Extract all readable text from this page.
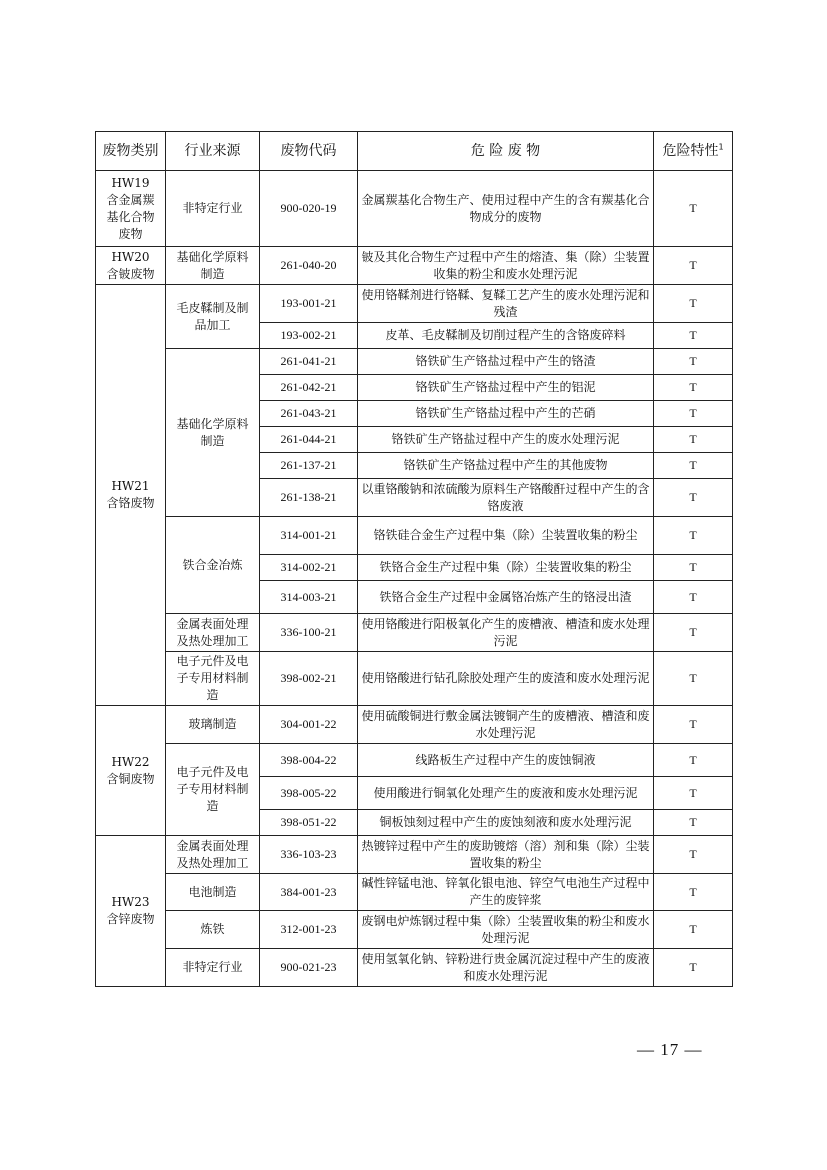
废物类别	行业来源	废物代码	危 险 废 物	危险特性$^1$
HW19
含金属羰
基化合物
废物	非特定行业	900-020-19	金属羰基化合物生产、使用过程中产生的含有羰基化合物成分的废物	T
HW20
含铍废物	基础化学原料
制造	261-040-20	铍及其化合物生产过程中产生的熔渣、集（除）尘装置收集的粉尘和废水处理污泥	T
HW21
含铬废物	毛皮鞣制及制
品加工	193-001-21	使用铬鞣剂进行铬鞣、复鞣工艺产生的废水处理污泥和残渣	T
		193-002-21	皮革、毛皮鞣制及切削过程产生的含铬废碎料	T
	基础化学原料
制造	261-041-21	铬铁矿生产铬盐过程中产生的铬渣	T
		261-042-21	铬铁矿生产铬盐过程中产生的铝泥	T
		261-043-21	铬铁矿生产铬盐过程中产生的芒硝	T
		261-044-21	铬铁矿生产铬盐过程中产生的废水处理污泥	T
		261-137-21	铬铁矿生产铬盐过程中产生的其他废物	T
		261-138-21	以重铬酸钠和浓硫酸为原料生产铬酸酐过程中产生的含铬废液	T
	铁合金冶炼	314-001-21	铬铁硅合金生产过程中集（除）尘装置收集的粉尘	T
		314-002-21	铁铬合金生产过程中集（除）尘装置收集的粉尘	T
		314-003-21	铁铬合金生产过程中金属铬冶炼产生的铬浸出渣	T
	金属表面处理
及热处理加工	336-100-21	使用铬酸进行阳极氧化产生的废槽液、槽渣和废水处理污泥	T
	电子元件及电
子专用材料制
造	398-002-21	使用铬酸进行钻孔除胶处理产生的废渣和废水处理污泥	T
HW22
含铜废物	玻璃制造	304-001-22	使用硫酸铜进行敷金属法镀铜产生的废槽液、槽渣和废水处理污泥	T
	电子元件及电
子专用材料制
造	398-004-22	线路板生产过程中产生的废蚀铜液	T
		398-005-22	使用酸进行铜氧化处理产生的废液和废水处理污泥	T
		398-051-22	铜板蚀刻过程中产生的废蚀刻液和废水处理污泥	T
HW23
含锌废物	金属表面处理
及热处理加工	336-103-23	热镀锌过程中产生的废助镀熔（溶）剂和集（除）尘装置收集的粉尘	T
	电池制造	384-001-23	碱性锌锰电池、锌氧化银电池、锌空气电池生产过程中产生的废锌浆	T
	炼铁	312-001-23	废钢电炉炼钢过程中集（除）尘装置收集的粉尘和废水处理污泥	T
	非特定行业	900-021-23	使用氢氧化钠、锌粉进行贵金属沉淀过程中产生的废液和废水处理污泥	T
— 17 —
